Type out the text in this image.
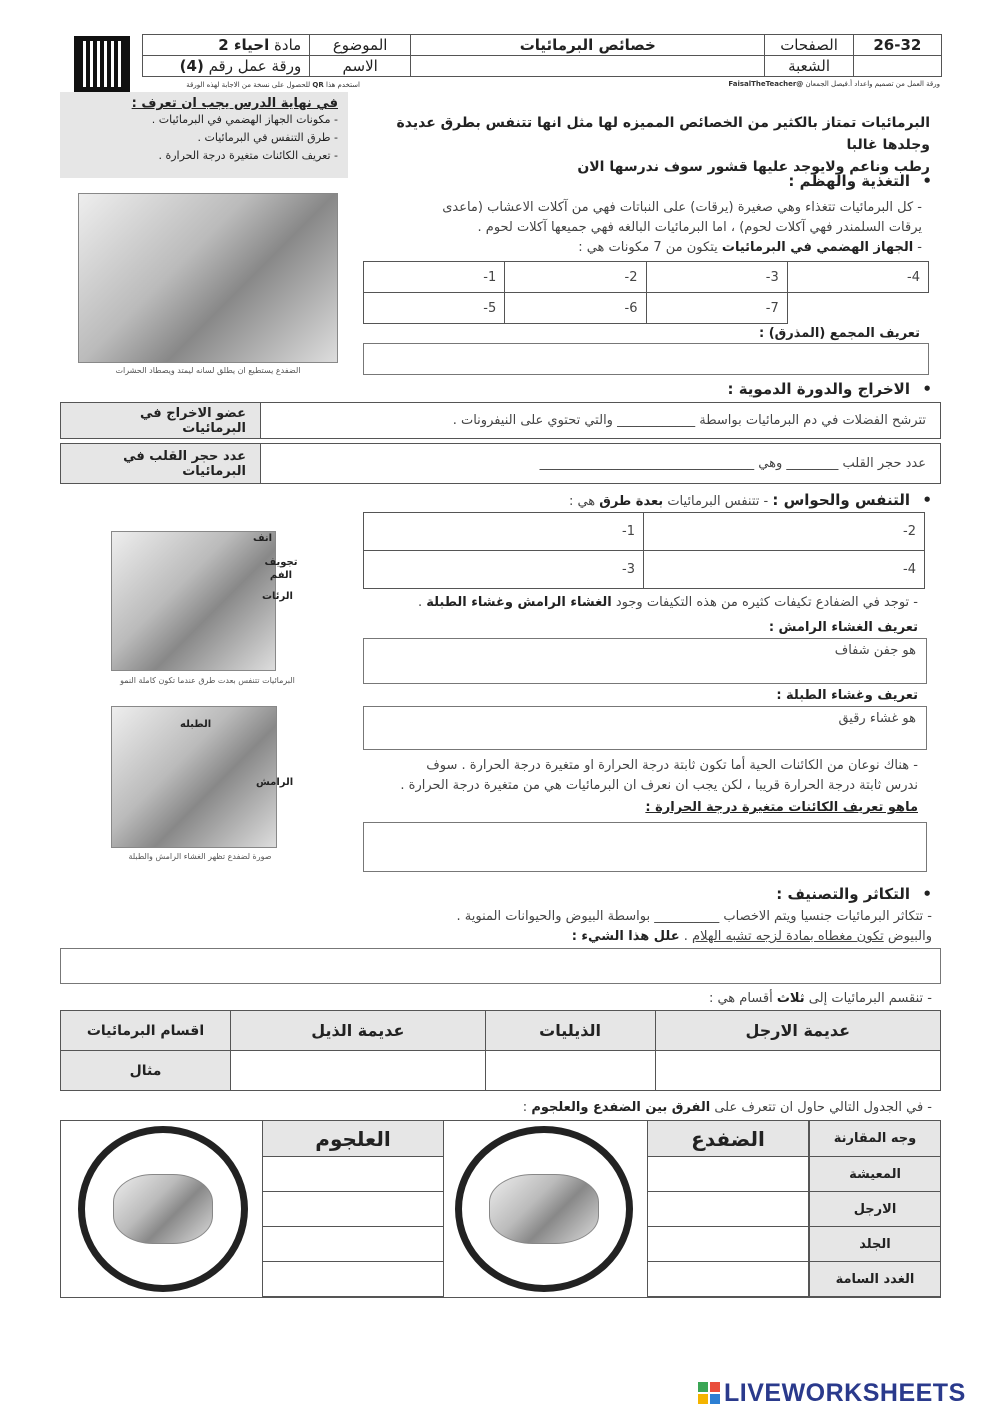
26-32	الصفحات	خصائص البرمائيات	الموضوع	مادة احياء 2
	الشعبة		الاسم	ورقة عمل رقم (4)
ورقة العمل من تصميم واعداد أ.فيصل الجمعان @FaisalTheTeacher
استخدم هذا QR للحصول على نسخة من الاجابة لهذه الورقة
في نهاية الدرس يجب ان تعرف :
- مكونات الجهاز الهضمي في البرمائيات .
- طرق التنفس في البرمائيات .
- تعريف الكائنات متغيرة درجة الحرارة .
البرمائيات تمتاز بالكثير من الخصائص المميزه لها مثل انها تتنفس بطرق عديدة وجلدها غالبا
رطب وناعم ولايوجد عليها قشور سوف ندرسها الان
• التغذية والهظم :
- كل البرمائيات تتغذاء وهي صغيرة (يرقات) على النباتات فهي من آكلات الاعشاب (ماعدى
يرقات السلمندر فهي آكلات لحوم) ، اما البرمائيات البالغه فهي جميعها آكلات لحوم .
- الجهاز الهضمي في البرمائيات يتكون من 7 مكونات هي :
الضفدع يستطيع ان يطلق لسانه ليمتد ويصطاد الحشرات
4-	3-	2-	1-
	7-	6-	5-
تعريف المجمع (المذرق) :
• الاخراج والدورة الدموية :
تترشح الفضلات في دم البرمائيات بواسطة ____________ والتي تحتوي على النيفرونات .	عضو الاخراج في البرمائيات
عدد حجر القلب ________ وهي _________________________________	عدد حجر القلب في البرمائيات
• التنفس والحواس : - تتنفس البرمائيات بعدة طرق هي :
2-	1-
4-	3-
انف
تجويف الفم
الرئات
البرمائيات تتنفس بعدت طرق عندما تكون كاملة النمو
- توجد في الضفادع تكيفات كثيره من هذه التكيفات وجود الغشاء الرامش وغشاء الطبلة .
تعريف الغشاء الرامش :
هو جفن شفاف
تعريف وغشاء الطبلة :
هو غشاء رقيق
الطبله
الرامش
صورة لضفدع تظهر الغشاء الرامش والطبلة
- هناك نوعان من الكائنات الحية أما تكون ثابتة درجة الحرارة او متغيرة درجة الحرارة . سوف
ندرس ثابتة درجة الحرارة قريبا ، لكن يجب ان نعرف ان البرمائيات هي من متغيرة درجة الحرارة .
ماهو تعريف الكائنات متغيرة درجة الحرارة :
• التكاثر والتصنيف :
- تتكاثر البرمائيات جنسيا ويتم الاخصاب __________ بواسطة البيوض والحيوانات المنوية .
والبيوض تكون مغطاه بمادة لزجه تشبه الهلام . علل هذا الشيء :
- تنقسم البرمائيات إلى ثلاث أقسام هي :
عديمة الارجل	الذيليات	عديمة الذيل	اقسام البرمائيات
			مثال
- في الجدول التالي حاول ان تتعرف على الفرق بين الضفدع والعلجوم :
العلجوم	الضفدع	وجه المقارنة
المعيشة
الارجل
الجلد
الغدد السامة
LIVEWORKSHEETS
